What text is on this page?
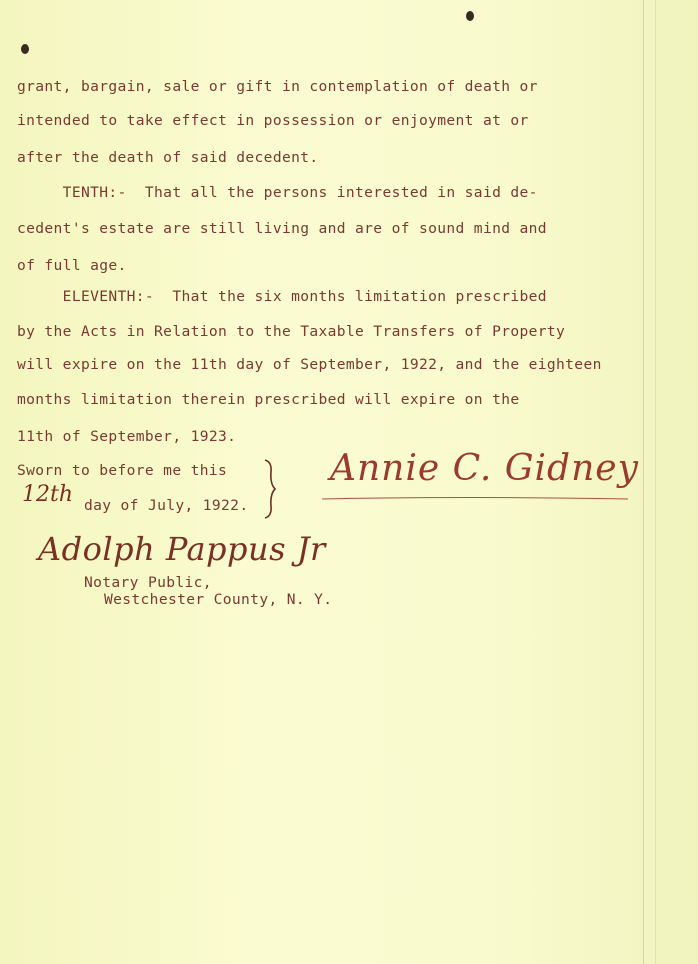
grant, bargain, sale or gift in contemplation of death or

intended to take effect in possession or enjoyment at or

after the death of said decedent.

TENTH:-  That all the persons interested in said de-

cedent's estate are still living and are of sound mind and

of full age.

ELEVENTH:-  That the six months limitation prescribed

by the Acts in Relation to the Taxable Transfers of Property

will expire on the 11th day of September, 1922, and the eighteen

months limitation therein prescribed will expire on the

11th of September, 1923.

Sworn to before me this

12th day of July, 1922.

Annie C. Gidney
Adolph Pappus Jr

Notary Public,

Westchester County, N. Y.
